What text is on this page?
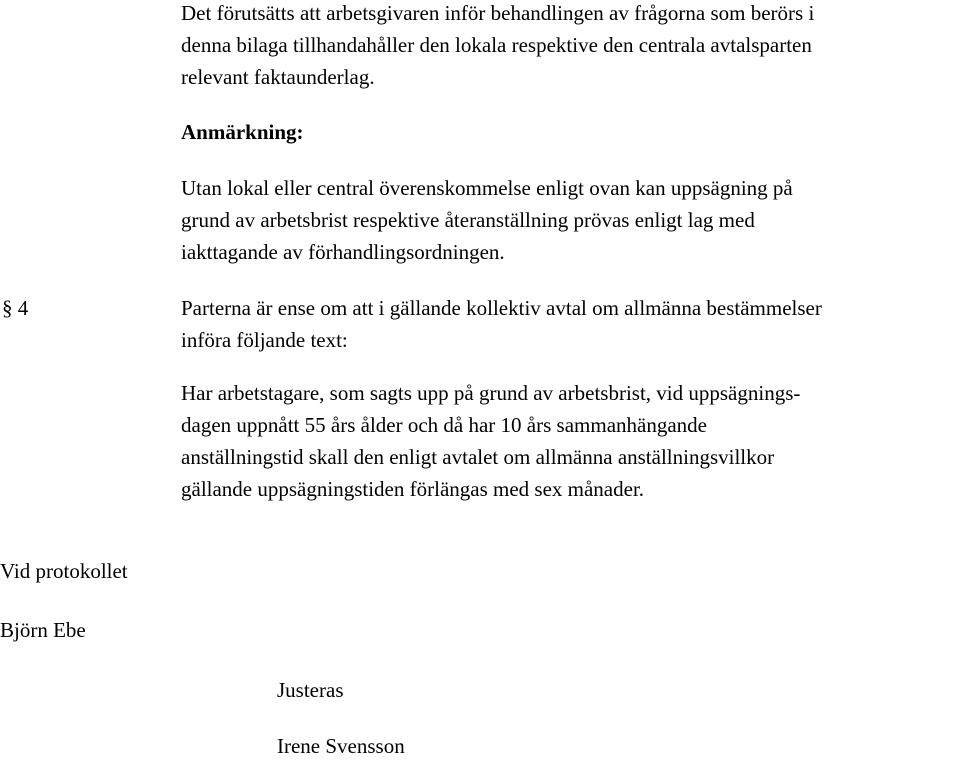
Det förutsätts att arbetsgivaren inför behandlingen av frågorna som berörs i

denna bilaga tillhandahåller den lokala respektive den centrala avtalsparten

relevant faktaunderlag.

Anmärkning:

Utan lokal eller central överenskommelse enligt ovan kan uppsägning på

grund av arbetsbrist respektive återanställning prövas enligt lag med

iakttagande av förhandlingsordningen.

§ 4	Parterna är ense om att i gällande kollektiv avtal om allmänna bestämmelser

införa följande text:

Har arbetstagare, som sagts upp på grund av arbetsbrist, vid uppsägnings-

dagen uppnått 55 års ålder och då har 10 års sammanhängande

anställningstid skall den enligt avtalet om allmänna anställningsvillkor

gällande uppsägningstiden förlängas med sex månader.

Vid protokollet
Björn Ebe
Justeras
Irene Svensson
